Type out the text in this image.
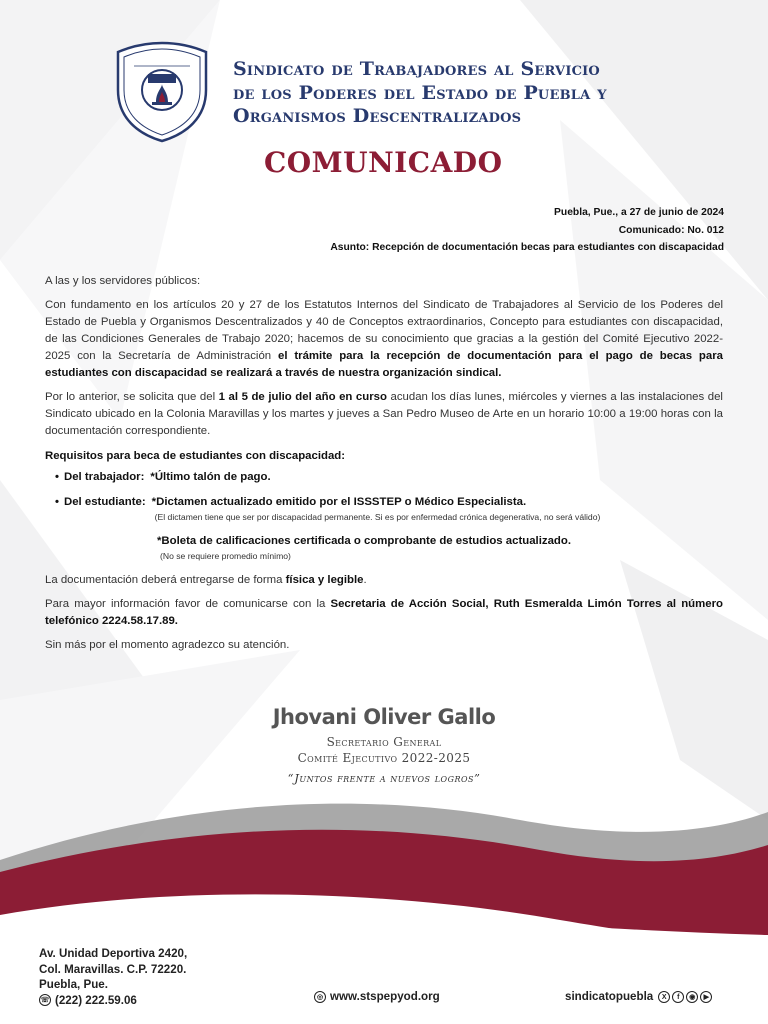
Sindicato de Trabajadores al Servicio
de los Poderes del Estado de Puebla y
Organismos Descentralizados
COMUNICADO
Puebla, Pue., a 27 de junio de 2024
Comunicado: No. 012
Asunto: Recepción de documentación becas para estudiantes con discapacidad

A las y los servidores públicos:

Con fundamento en los artículos 20 y 27 de los Estatutos Internos del Sindicato de Trabajadores al Servicio de los Poderes del Estado de Puebla y Organismos Descentralizados y 40 de Conceptos extraordinarios, Concepto para estudiantes con discapacidad, de las Condiciones Generales de Trabajo 2020; hacemos de su conocimiento que gracias a la gestión del Comité Ejecutivo 2022-2025 con la Secretaría de Administración el trámite para la recepción de documentación para el pago de becas para estudiantes con discapacidad se realizará a través de nuestra organización sindical.

Por lo anterior, se solicita que del 1 al 5 de julio del año en curso acudan los días lunes, miércoles y viernes a las instalaciones del Sindicato ubicado en la Colonia Maravillas y los martes y jueves a San Pedro Museo de Arte en un horario 10:00 a 19:00 horas con la documentación correspondiente.

Requisitos para beca de estudiantes con discapacidad:
• Del trabajador: *Último talón de pago.
• Del estudiante: *Dictamen actualizado emitido por el ISSSTEP o Médico Especialista.
(El dictamen tiene que ser por discapacidad permanente. Si es por enfermedad crónica degenerativa, no será válido)
*Boleta de calificaciones certificada o comprobante de estudios actualizado.
(No se requiere promedio mínimo)

La documentación deberá entregarse de forma física y legible.

Para mayor información favor de comunicarse con la Secretaria de Acción Social, Ruth Esmeralda Limón Torres al número telefónico 2224.58.17.89.

Sin más por el momento agradezco su atención.

Jhovani Oliver Gallo
Secretario General
Comité Ejecutivo 2022-2025
“Juntos frente a nuevos logros”
Av. Unidad Deportiva 2420,
Col. Maravillas. C.P. 72220.
Puebla, Pue.
☏ (222) 222.59.06	◎ www.stspepyod.org	sindicatopuebla	X	f	◉	▶
